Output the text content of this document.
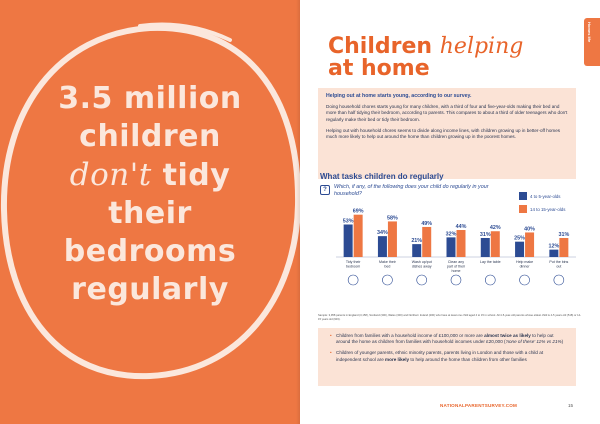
3.5 million
children
don't tidy
their
bedrooms
regularly
Homes life
Children helping
at home
Helping out at home starts young, according to our survey.

Doing household chores starts young for many children, with a third of four and five-year-olds making their bed and more than half tidying their bedroom, according to parents. This compares to about a third of older teenagers who don't regularly make their bed or tidy their bedroom.

Helping out with household chores seems to divide along income lines, with children growing up in better-off homes much more likely to help out around the home than children growing up in the poorest homes.

What tasks children do regularly
?	Which, if any, of the following does your child do regularly in your household?	4 to 5-year-olds
14 to 15-year-olds
53%
69%
Tidy their
bedroom
34%
58%
Make their
bed
21%
49%
Wash up/put
dishes away
32%
44%
Clean any
part of their
home
31%
42%
Lay the table
25%
40%
Help make
dinner
12%
31%
Put the bins
out
Sample: 3,958 parents in England (3,158), Scotland (300), Wales (300) and Northern Ireland (200) who have at least one child aged 4 to 15 in school. All 4-5-year-old parents whose eldest child is 4-5 years old (518) or 14-15 years old (903).
• Children from families with a household income of £100,000 or more are almost twice as likely to help out around the home as children from families with household incomes under £20,000 ('none of these' 11% vs 21%)
• Children of younger parents, ethnic minority parents, parents living in London and those with a child at independent school are more likely to help around the home than children from other families
NATIONALPARENTSURVEY.COM	15
